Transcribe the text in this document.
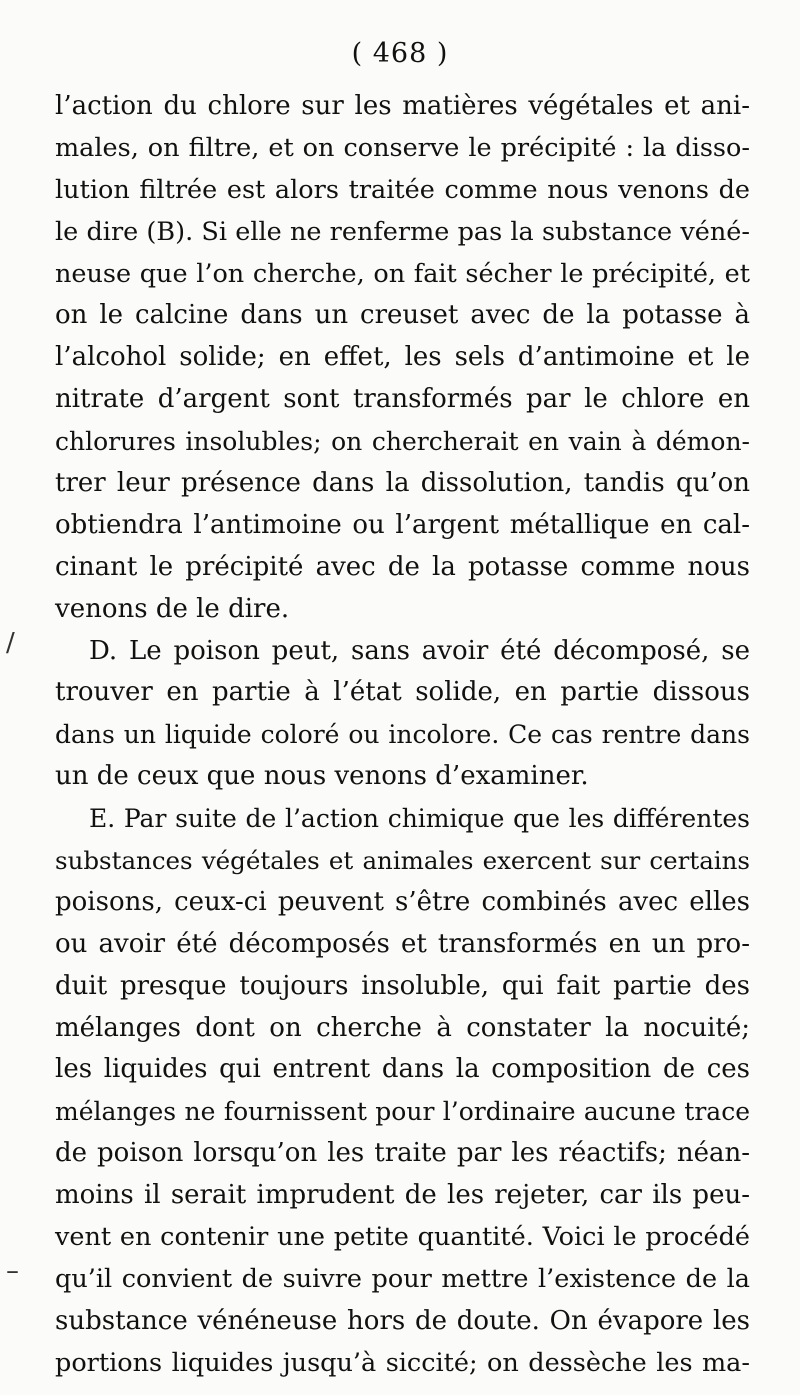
( 468 )
/
–
l’action du chlore sur les matières végétales et ani-
males, on filtre, et on conserve le précipité : la disso-
lution filtrée est alors traitée comme nous venons de
le dire (B). Si elle ne renferme pas la substance véné-
neuse que l’on cherche, on fait sécher le précipité, et
on le calcine dans un creuset avec de la potasse à
l’alcohol solide; en effet, les sels d’antimoine et le
nitrate d’argent sont transformés par le chlore en
chlorures insolubles; on chercherait en vain à démon-
trer leur présence dans la dissolution, tandis qu’on
obtiendra l’antimoine ou l’argent métallique en cal-
cinant le précipité avec de la potasse comme nous
venons de le dire.
D. Le poison peut, sans avoir été décomposé, se
trouver en partie à l’état solide, en partie dissous
dans un liquide coloré ou incolore. Ce cas rentre dans
un de ceux que nous venons d’examiner.
E. Par suite de l’action chimique que les différentes
substances végétales et animales exercent sur certains
poisons, ceux-ci peuvent s’être combinés avec elles
ou avoir été décomposés et transformés en un pro-
duit presque toujours insoluble, qui fait partie des
mélanges dont on cherche à constater la nocuité;
les liquides qui entrent dans la composition de ces
mélanges ne fournissent pour l’ordinaire aucune trace
de poison lorsqu’on les traite par les réactifs; néan-
moins il serait imprudent de les rejeter, car ils peu-
vent en contenir une petite quantité. Voici le procédé
qu’il convient de suivre pour mettre l’existence de la
substance vénéneuse hors de doute. On évapore les
portions liquides jusqu’à siccité; on dessèche les ma-
